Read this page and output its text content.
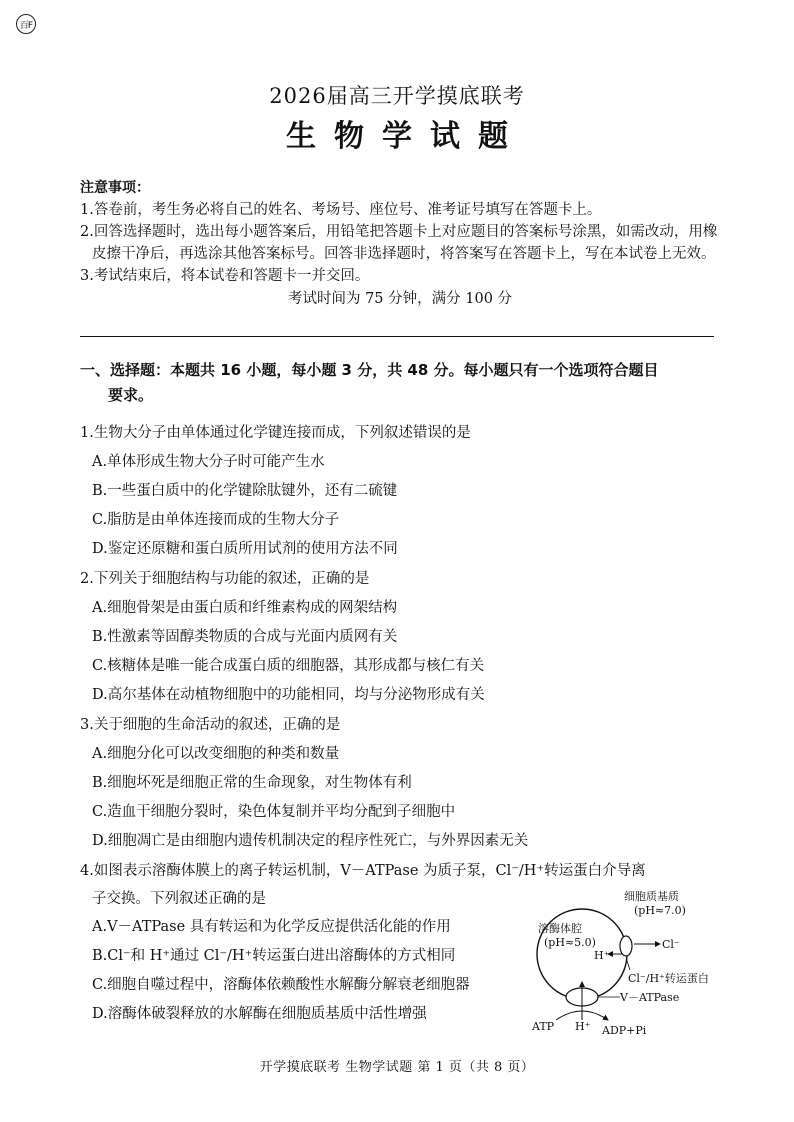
百F
2026届高三开学摸底联考
生物学试题
注意事项：
1.答卷前，考生务必将自己的姓名、考场号、座位号、准考证号填写在答题卡上。
2.回答选择题时，选出每小题答案后，用铅笔把答题卡上对应题目的答案标号涂黑，如需改动，用橡皮擦干净后，再选涂其他答案标号。回答非选择题时，将答案写在答题卡上，写在本试卷上无效。
3.考试结束后，将本试卷和答题卡一并交回。
考试时间为 75 分钟，满分 100 分
一、选择题：本题共 16 小题，每小题 3 分，共 48 分。每小题只有一个选项符合题目
要求。
1.生物大分子由单体通过化学键连接而成，下列叙述错误的是
A.单体形成生物大分子时可能产生水
B.一些蛋白质中的化学键除肽键外，还有二硫键
C.脂肪是由单体连接而成的生物大分子
D.鉴定还原糖和蛋白质所用试剂的使用方法不同
2.下列关于细胞结构与功能的叙述，正确的是
A.细胞骨架是由蛋白质和纤维素构成的网架结构
B.性激素等固醇类物质的合成与光面内质网有关
C.核糖体是唯一能合成蛋白质的细胞器，其形成都与核仁有关
D.高尔基体在动植物细胞中的功能相同，均与分泌物形成有关
3.关于细胞的生命活动的叙述，正确的是
A.细胞分化可以改变细胞的种类和数量
B.细胞坏死是细胞正常的生命现象，对生物体有利
C.造血干细胞分裂时，染色体复制并平均分配到子细胞中
D.细胞凋亡是由细胞内遗传机制决定的程序性死亡，与外界因素无关
4.如图表示溶酶体膜上的离子转运机制，V－ATPase 为质子泵，Cl⁻/H⁺转运蛋白介导离
子交换。下列叙述正确的是
A.V－ATPase 具有转运和为化学反应提供活化能的作用
B.Cl⁻和 H⁺通过 Cl⁻/H⁺转运蛋白进出溶酶体的方式相同
C.细胞自噬过程中，溶酶体依赖酸性水解酶分解衰老细胞器
D.溶酶体破裂释放的水解酶在细胞质基质中活性增强
细胞质基质
(pH≈7.0)
溶酶体腔
(pH≈5.0)	Cl⁻
H⁺
Cl⁻/H⁺转运蛋白
V－ATPase
ATP H⁺ ADP+Pi
开学摸底联考 生物学试题 第 1 页（共 8 页）
